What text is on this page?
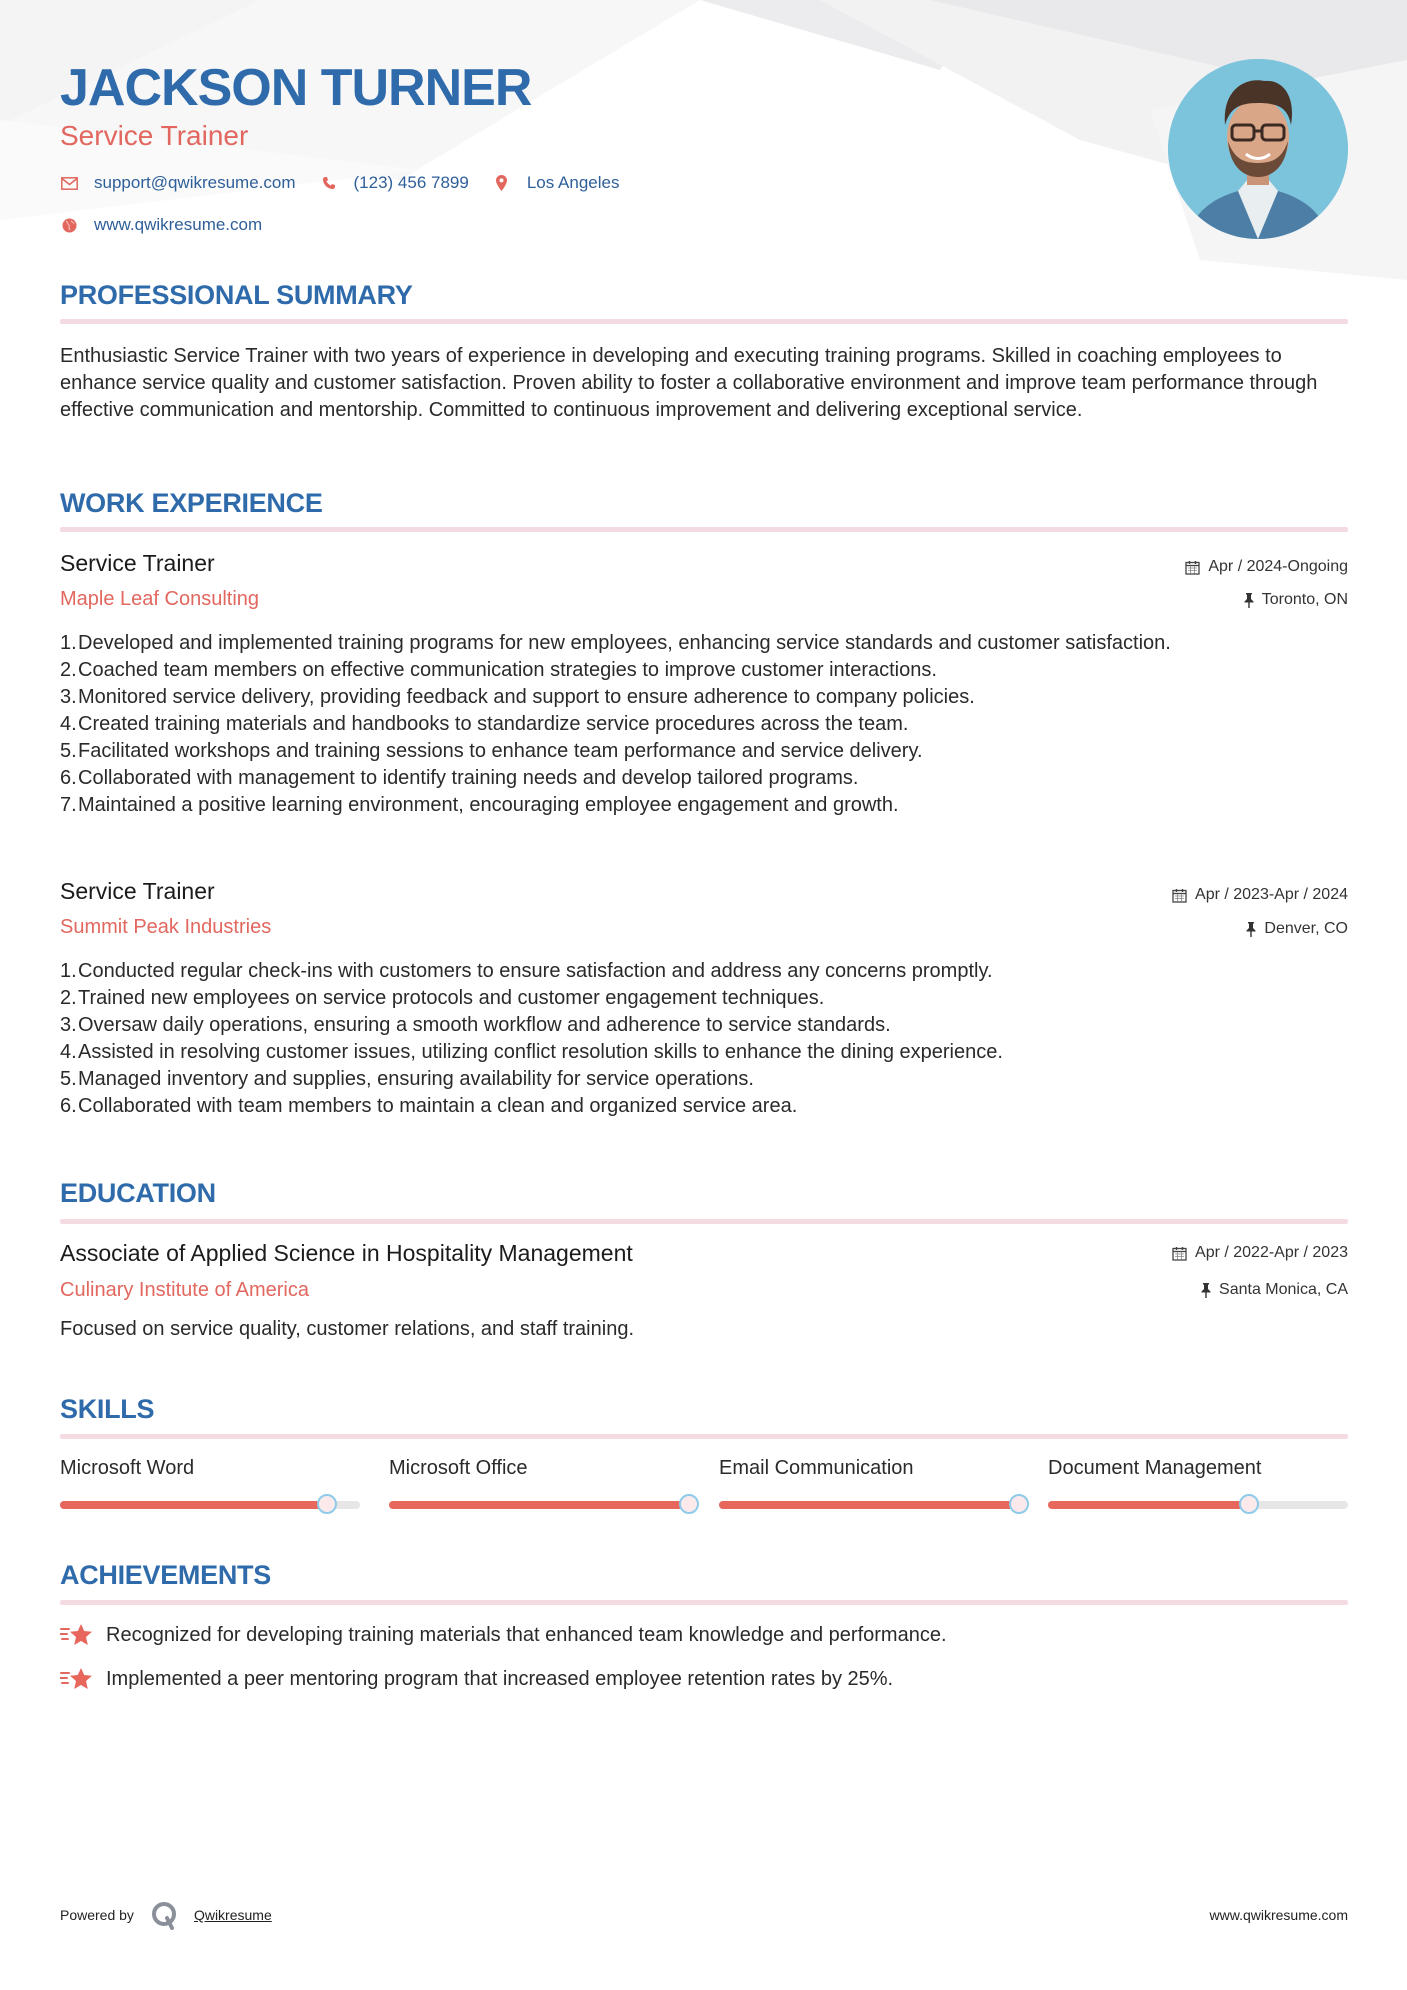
JACKSON TURNER
Service Trainer
support@qwikresume.com	(123) 456 7899	Los Angeles
www.qwikresume.com
PROFESSIONAL SUMMARY

Enthusiastic Service Trainer with two years of experience in developing and executing training programs. Skilled in coaching employees to enhance service quality and customer satisfaction. Proven ability to foster a collaborative environment and improve team performance through effective communication and mentorship. Committed to continuous improvement and delivering exceptional service.

WORK EXPERIENCE
Service Trainer	Apr / 2024-Ongoing
Maple Leaf Consulting	Toronto, ON
1. Developed and implemented training programs for new employees, enhancing service standards and customer satisfaction.
2. Coached team members on effective communication strategies to improve customer interactions.
3. Monitored service delivery, providing feedback and support to ensure adherence to company policies.
4. Created training materials and handbooks to standardize service procedures across the team.
5. Facilitated workshops and training sessions to enhance team performance and service delivery.
6. Collaborated with management to identify training needs and develop tailored programs.
7. Maintained a positive learning environment, encouraging employee engagement and growth.
Service Trainer	Apr / 2023-Apr / 2024
Summit Peak Industries	Denver, CO
1. Conducted regular check-ins with customers to ensure satisfaction and address any concerns promptly.
2. Trained new employees on service protocols and customer engagement techniques.
3. Oversaw daily operations, ensuring a smooth workflow and adherence to service standards.
4. Assisted in resolving customer issues, utilizing conflict resolution skills to enhance the dining experience.
5. Managed inventory and supplies, ensuring availability for service operations.
6. Collaborated with team members to maintain a clean and organized service area.
EDUCATION
Associate of Applied Science in Hospitality Management	Apr / 2022-Apr / 2023
Culinary Institute of America	Santa Monica, CA

Focused on service quality, customer relations, and staff training.

SKILLS
Microsoft Word	Microsoft Office	Email Communication	Document Management
ACHIEVEMENTS
Recognized for developing training materials that enhanced team knowledge and performance.
Implemented a peer mentoring program that increased employee retention rates by 25%.
Powered by	Qwikresume	www.qwikresume.com
